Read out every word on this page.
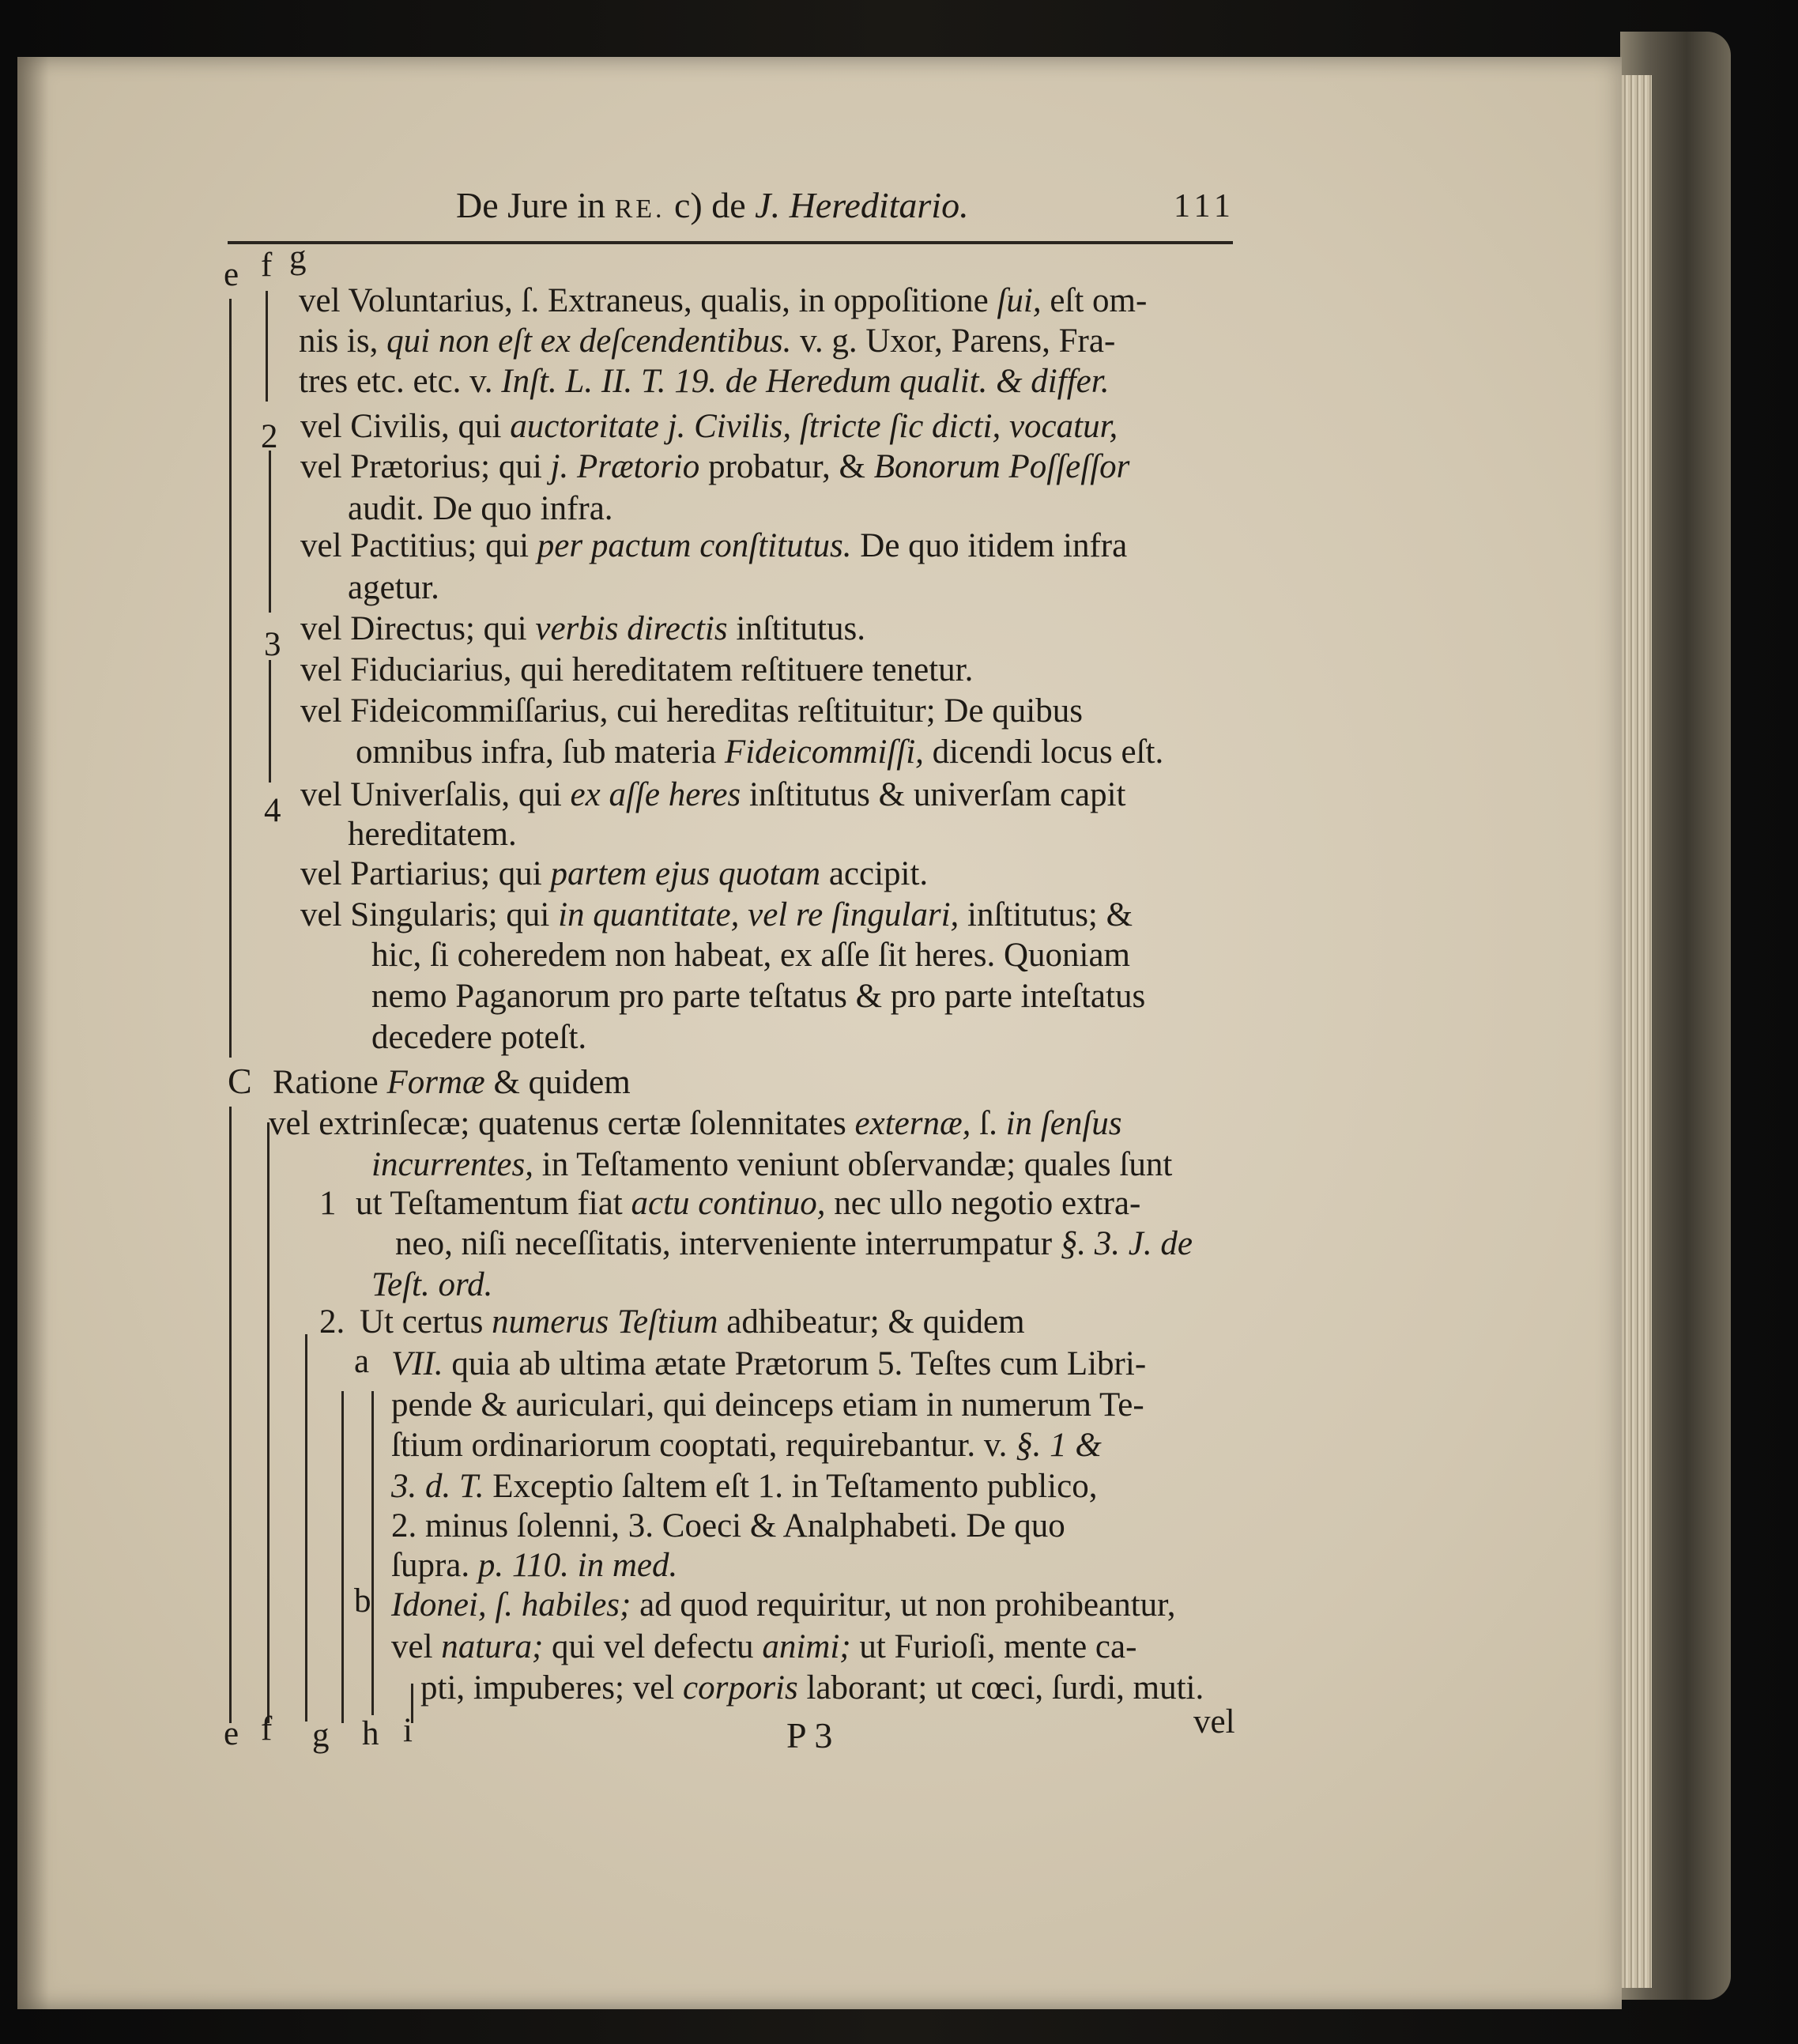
De Jure in RE. c) de J. Hereditario.	111
e f g
2
3
4
C
1
2.
a
b
vel Voluntarius, ſ. Extraneus, qualis, in oppoſitione ſui, eſt om-
nis is, qui non eſt ex deſcendentibus. v. g. Uxor, Parens, Fra-
tres etc. etc. v. Inſt. L. II. T. 19. de Heredum qualit. & differ.
vel Civilis, qui auctoritate j. Civilis, ſtricte ſic dicti, vocatur,
vel Prætorius; qui j. Prætorio probatur, & Bonorum Poſſeſſor
audit. De quo infra.
vel Pactitius; qui per pactum conſtitutus. De quo itidem infra
agetur.
vel Directus; qui verbis directis inſtitutus.
vel Fiduciarius, qui hereditatem reſtituere tenetur.
vel Fideicommiſſarius, cui hereditas reſtituitur; De quibus
omnibus infra, ſub materia Fideicommiſſi, dicendi locus eſt.
vel Univerſalis, qui ex aſſe heres inſtitutus & univerſam capit
hereditatem.
vel Partiarius; qui partem ejus quotam accipit.
vel Singularis; qui in quantitate, vel re ſingulari, inſtitutus; &
hic, ſi coheredem non habeat, ex aſſe ſit heres. Quoniam
nemo Paganorum pro parte teſtatus & pro parte inteſtatus
decedere poteſt.
Ratione Formæ & quidem
vel extrinſecæ; quatenus certæ ſolennitates externæ, ſ. in ſenſus
incurrentes, in Teſtamento veniunt obſervandæ; quales ſunt
ut Teſtamentum fiat actu continuo, nec ullo negotio extra-
neo, niſi neceſſitatis, interveniente interrumpatur §. 3. J. de
Teſt. ord.
Ut certus numerus Teſtium adhibeatur; & quidem
VII. quia ab ultima ætate Prætorum 5. Teſtes cum Libri-
pende & auriculari, qui deinceps etiam in numerum Te-
ſtium ordinariorum cooptati, requirebantur. v. §. 1 &
3. d. T. Exceptio ſaltem eſt 1. in Teſtamento publico,
2. minus ſolenni, 3. Coeci & Analphabeti. De quo
ſupra. p. 110. in med.
Idonei, ſ. habiles; ad quod requiritur, ut non prohibeantur,
vel natura; qui vel defectu animi; ut Furioſi, mente ca-
pti, impuberes; vel corporis laborant; ut cœci, ſurdi, muti.
e f g h i	P 3	vel
